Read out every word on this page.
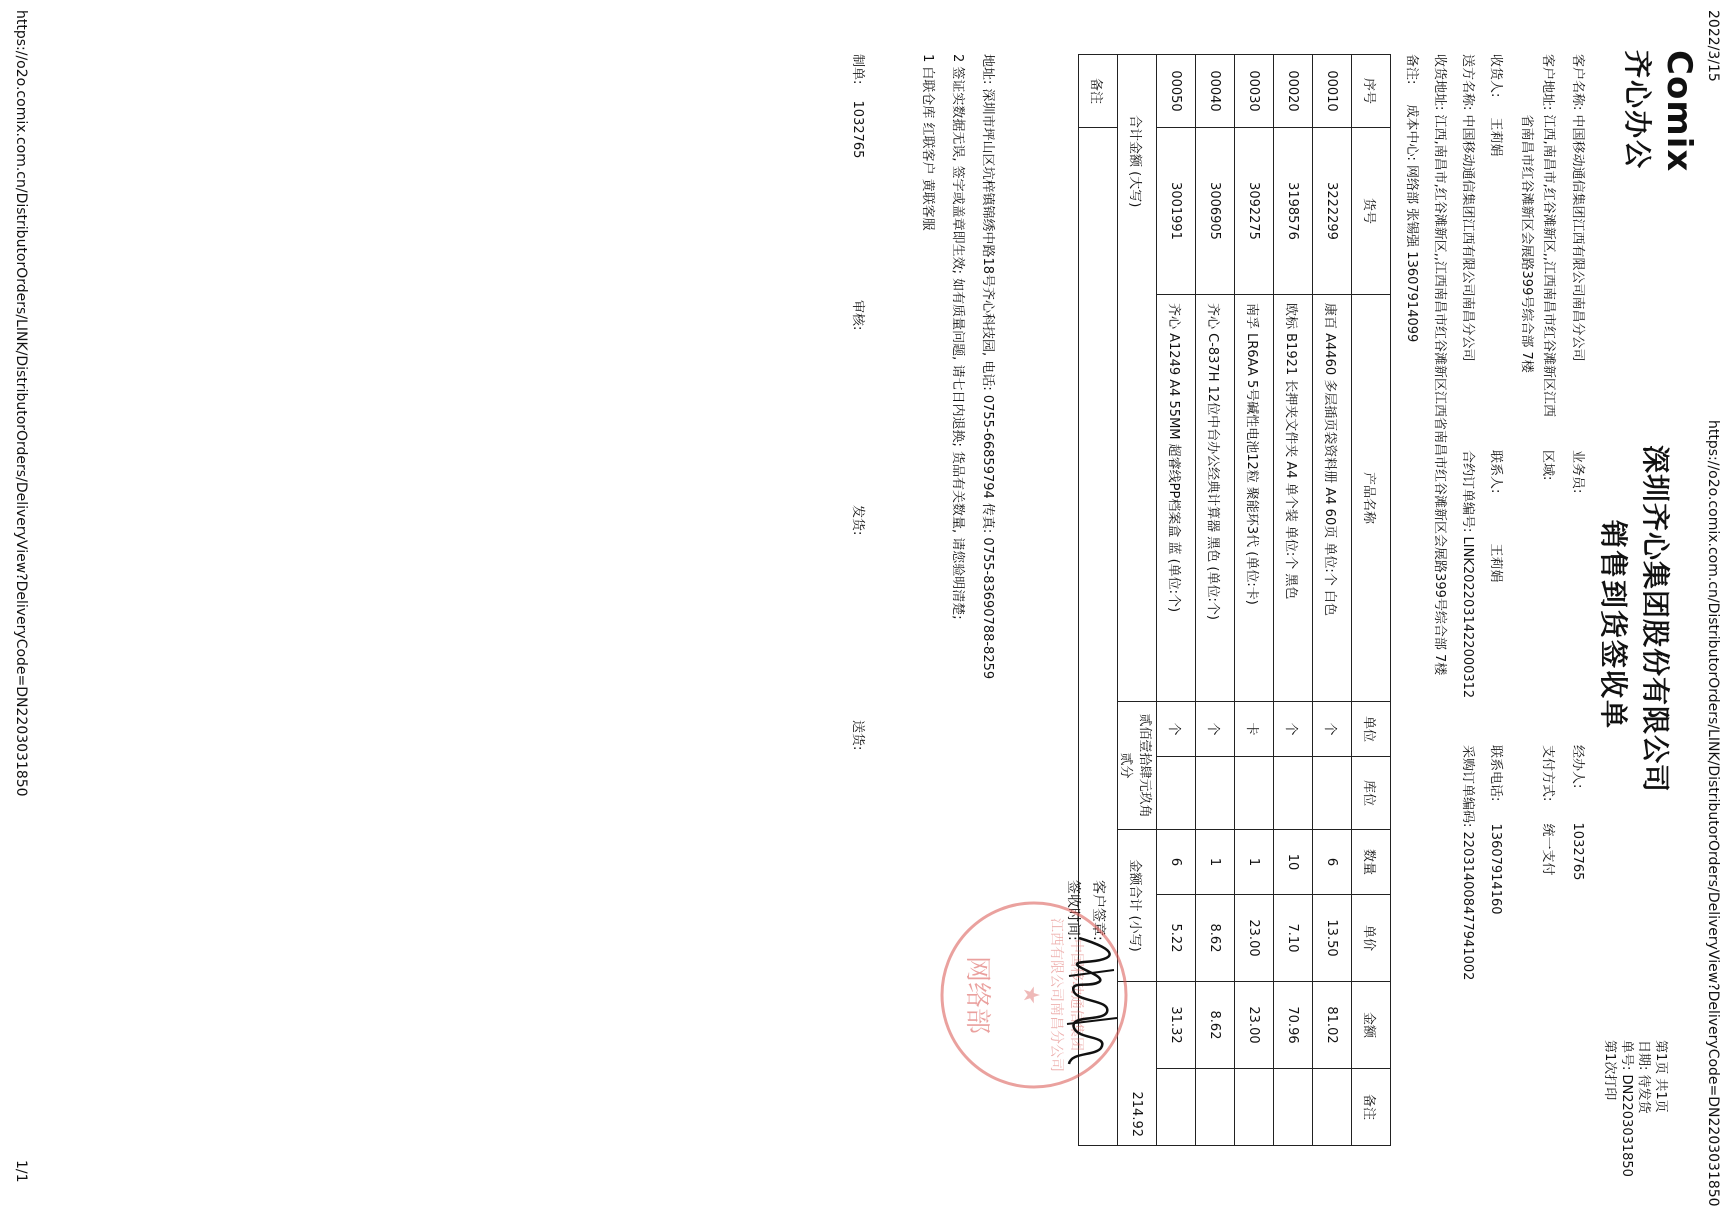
2022/3/15
https://o2o.comix.com.cn/DistributorOrders/LINK/DistributorOrders/DeliveryView?DeliveryCode=DN2203031850
Comix
齐心办公
深圳齐心集团股份有限公司
销售到货签收单
第1页 共1页
日期: 待发货
单号: DN2203031850
第1次打印
客户名称: 中国移动通信集团江西有限公司南昌分公司
业务员:
经办人: 1032765
客户地址: 江西,南昌市,红谷滩新区,,江西南昌市红谷滩新区江西省南昌市红谷滩新区会展路399号综合部 7楼
区域:
支付方式: 统一支付
收货人: 王莉娟
联系人: 王莉娟
联系电话: 13607914160
送方名称: 中国移动通信集团江西有限公司南昌分公司
合约订单编号: LINK2022031422000312
采购订单编码: 220314008477941002
收货地址: 江西,南昌市,红谷滩新区,,江西南昌市红谷滩新区江西省南昌市红谷滩新区会展路399号综合部 7楼
备注: 成本中心: 网络部 张锡强 13607914099
序号	货号	产品名称	单位	库位	数量	单价	金额	备注
00010	3222299	康百 A4460 多层插页袋资料册 A4 60页 单位:个 白色	个		6	13.50	81.02	
00020	3198576	欧标 B1921 长押夹文件夹 A4 单个装 单位:个 黑色	个		10	7.10	70.96	
00030	3092275	南孚 LR6AA 5号碱性电池12粒 聚能环3代 (单位:卡)	卡		1	23.00	23.00	
00040	3006905	齐心 C-837H 12位中台办公经典计算器 黑色 (单位:个)	个		1	8.62	8.62	
00050	3001991	齐心 A1249 A4 55MM 超睿线PP档案盒 蓝 (单位:个)	个		6	5.22	31.32	
合计金额 (大写)			贰佰壹拾肆元玖角贰分		金额合计 (小写)		214.92	
备注								
客户签章:
签收时间:
中国移动通信集团
江西有限公司南昌分公司
★
网络部
制单: 1032765
审核:
发货:
送货:
1 白联仓库 红联客户 黄联客服	2 签证实数据无误, 签字或盖章即生效; 如有质量问题, 请七日内退换; 货品有关数量, 请您验明清楚;	地址: 深圳市坪山区坑梓镇锦绣中路18号齐心科技园, 电话: 0755-66859794 传真: 0755-83690788-8259
https://o2o.comix.com.cn/DistributorOrders/LINK/DistributorOrders/DeliveryView?DeliveryCode=DN2203031850
1/1
